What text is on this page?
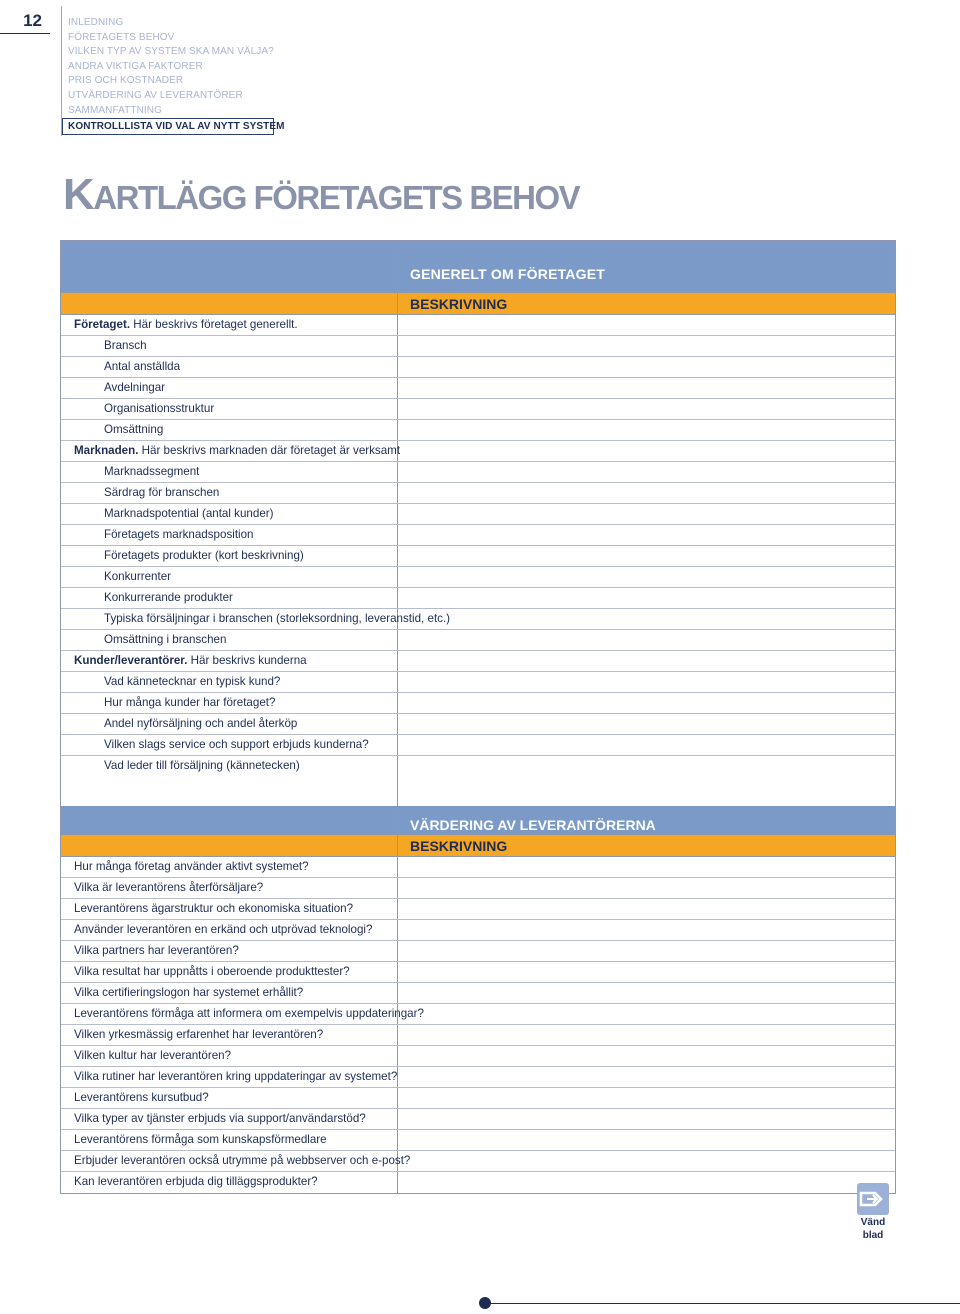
12	INLEDNING
FÖRETAGETS BEHOV
VILKEN TYP AV SYSTEM SKA MAN VÄLJA?
ANDRA VIKTIGA FAKTORER
PRIS OCH KOSTNADER
UTVÄRDERING AV LEVERANTÖRER
SAMMANFATTNING
KONTROLLLISTA VID VAL AV NYTT SYSTEM
KARTLÄGG FÖRETAGETS BEHOV
GENERELT OM FÖRETAGET
BESKRIVNING
Företaget. Här beskrivs företaget generellt.
Bransch
Antal anställda
Avdelningar
Organisationsstruktur
Omsättning
Marknaden. Här beskrivs marknaden där företaget är verksamt
Marknadssegment
Särdrag för branschen
Marknadspotential (antal kunder)
Företagets marknadsposition
Företagets produkter (kort beskrivning)
Konkurrenter
Konkurrerande produkter
Typiska försäljningar i branschen (storleksordning, leveranstid, etc.)
Omsättning i branschen
Kunder/leverantörer. Här beskrivs kunderna
Vad kännetecknar en typisk kund?
Hur många kunder har företaget?
Andel nyförsäljning och andel återköp
Vilken slags service och support erbjuds kunderna?
Vad leder till försäljning (kännetecken)
VÄRDERING AV LEVERANTÖRERNA
BESKRIVNING
Hur många företag använder aktivt systemet?
Vilka är leverantörens återförsäljare?
Leverantörens ägarstruktur och ekonomiska situation?
Använder leverantören en erkänd och utprövad teknologi?
Vilka partners har leverantören?
Vilka resultat har uppnåtts i oberoende produkttester?
Vilka certifieringslogon har systemet erhållit?
Leverantörens förmåga att informera om exempelvis uppdateringar?
Vilken yrkesmässig erfarenhet har leverantören?
Vilken kultur har leverantören?
Vilka rutiner har leverantören kring uppdateringar av systemet?
Leverantörens kursutbud?
Vilka typer av tjänster erbjuds via support/användarstöd?
Leverantörens förmåga som kunskapsförmedlare
Erbjuder leverantören också utrymme på webbserver och e-post?
Kan leverantören erbjuda dig tilläggsprodukter?
Vänd
blad
